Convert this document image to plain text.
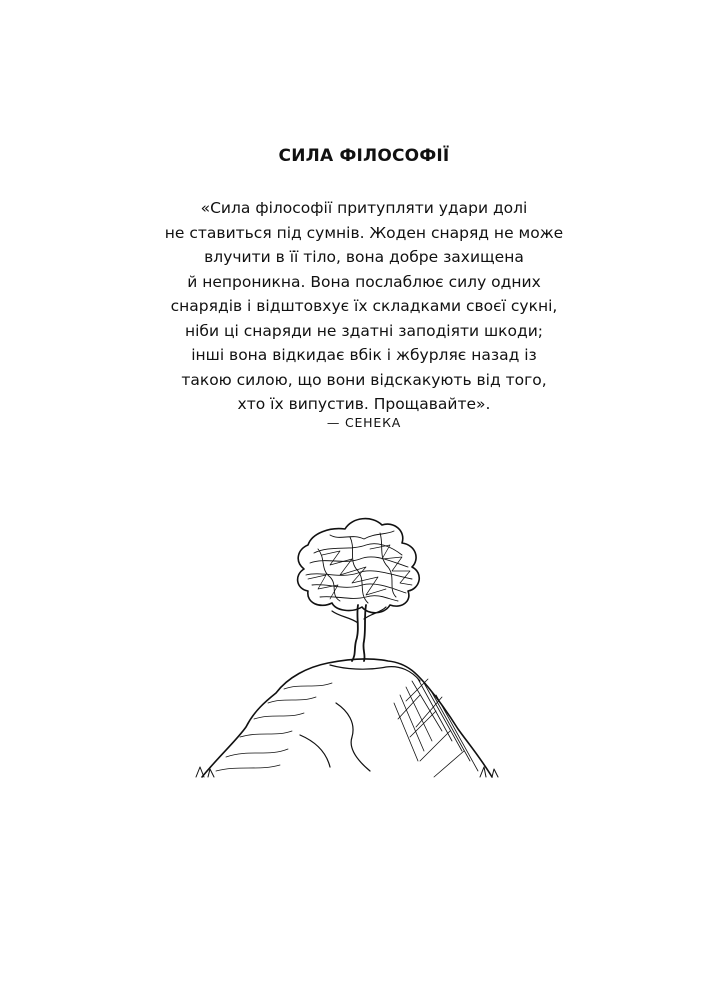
СИЛА ФІЛОСОФІЇ
«Сила філософії притупляти удари долі
не ставиться під сумнів. Жоден снаряд не може
влучити в її тіло, вона добре захищена
й непроникна. Вона послаблює силу одних
снарядів і відштовхує їх складками своєї сукні,
ніби ці снаряди не здатні заподіяти шкоди;
інші вона відкидає вбік і жбурляє назад із
такою силою, що вони відскакують від того,
хто їх випустив. Прощавайте».
— СЕНЕКА
